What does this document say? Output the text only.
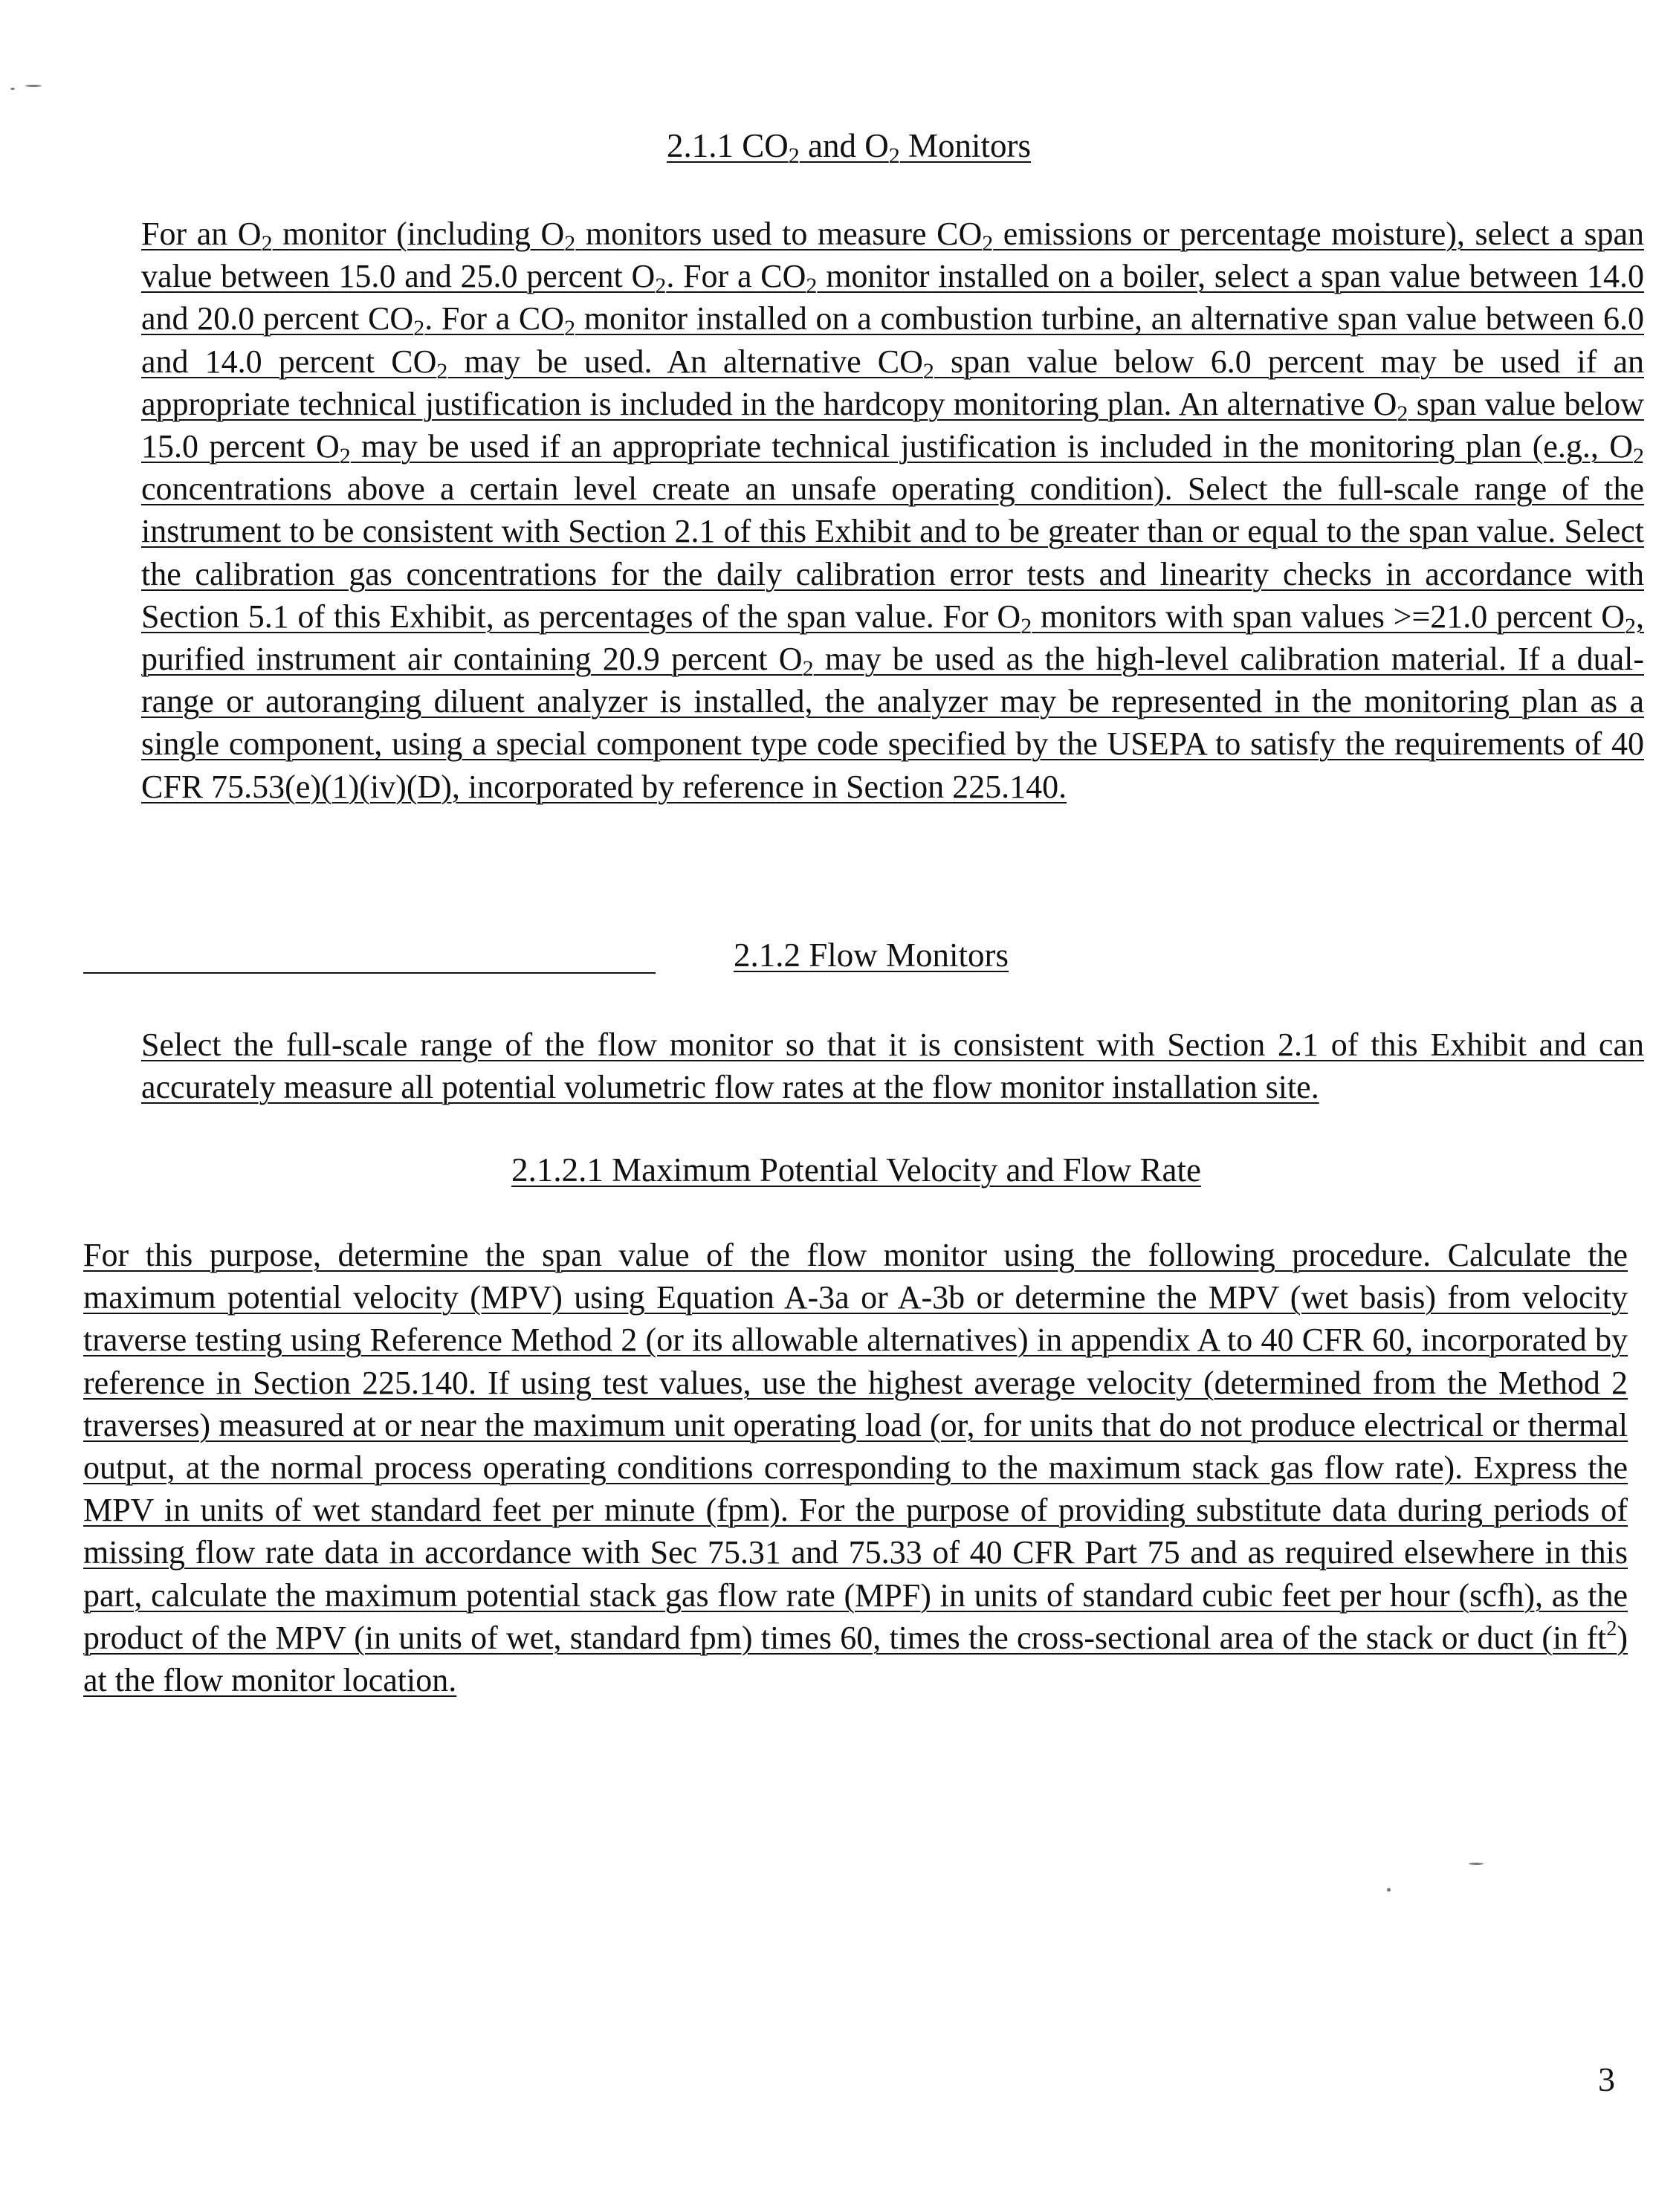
2.1.1 $CO_2$ and $O_2$ Monitors

For an $O_2$ monitor (including $O_2$ monitors used to measure $CO_2$ emissions or percentage moisture), select a span value between 15.0 and 25.0 percent $O_2$. For a $CO_2$ monitor installed on a boiler, select a span value between 14.0 and 20.0 percent $CO_2$. For a $CO_2$ monitor installed on a combustion turbine, an alternative span value between 6.0 and 14.0 percent $CO_2$ may be used. An alternative $CO_2$ span value below 6.0 percent may be used if an appropriate technical justification is included in the hardcopy monitoring plan. An alternative $O_2$ span value below 15.0 percent $O_2$ may be used if an appropriate technical justification is included in the monitoring plan (e.g., $O_2$ concentrations above a certain level create an unsafe operating condition). Select the full-scale range of the instrument to be consistent with Section 2.1 of this Exhibit and to be greater than or equal to the span value. Select the calibration gas concentrations for the daily calibration error tests and linearity checks in accordance with Section 5.1 of this Exhibit, as percentages of the span value. For $O_2$ monitors with span values >=21.0 percent $O_2$, purified instrument air containing 20.9 percent $O_2$ may be used as the high-level calibration material. If a dual-range or autoranging diluent analyzer is installed, the analyzer may be represented in the monitoring plan as a single component, using a special component type code specified by the USEPA to satisfy the requirements of 40 CFR 75.53(e)(1)(iv)(D), incorporated by reference in Section 225.140.

2.1.2 Flow Monitors

Select the full-scale range of the flow monitor so that it is consistent with Section 2.1 of this Exhibit and can accurately measure all potential volumetric flow rates at the flow monitor installation site.

2.1.2.1 Maximum Potential Velocity and Flow Rate

For this purpose, determine the span value of the flow monitor using the following procedure. Calculate the maximum potential velocity (MPV) using Equation A-3a or A-3b or determine the MPV (wet basis) from velocity traverse testing using Reference Method 2 (or its allowable alternatives) in appendix A to 40 CFR 60, incorporated by reference in Section 225.140. If using test values, use the highest average velocity (determined from the Method 2 traverses) measured at or near the maximum unit operating load (or, for units that do not produce electrical or thermal output, at the normal process operating conditions corresponding to the maximum stack gas flow rate). Express the MPV in units of wet standard feet per minute (fpm). For the purpose of providing substitute data during periods of missing flow rate data in accordance with Sec 75.31 and 75.33 of 40 CFR Part 75 and as required elsewhere in this part, calculate the maximum potential stack gas flow rate (MPF) in units of standard cubic feet per hour (scfh), as the product of the MPV (in units of wet, standard fpm) times 60, times the cross-sectional area of the stack or duct (in $ft^2$) at the flow monitor location.

3
